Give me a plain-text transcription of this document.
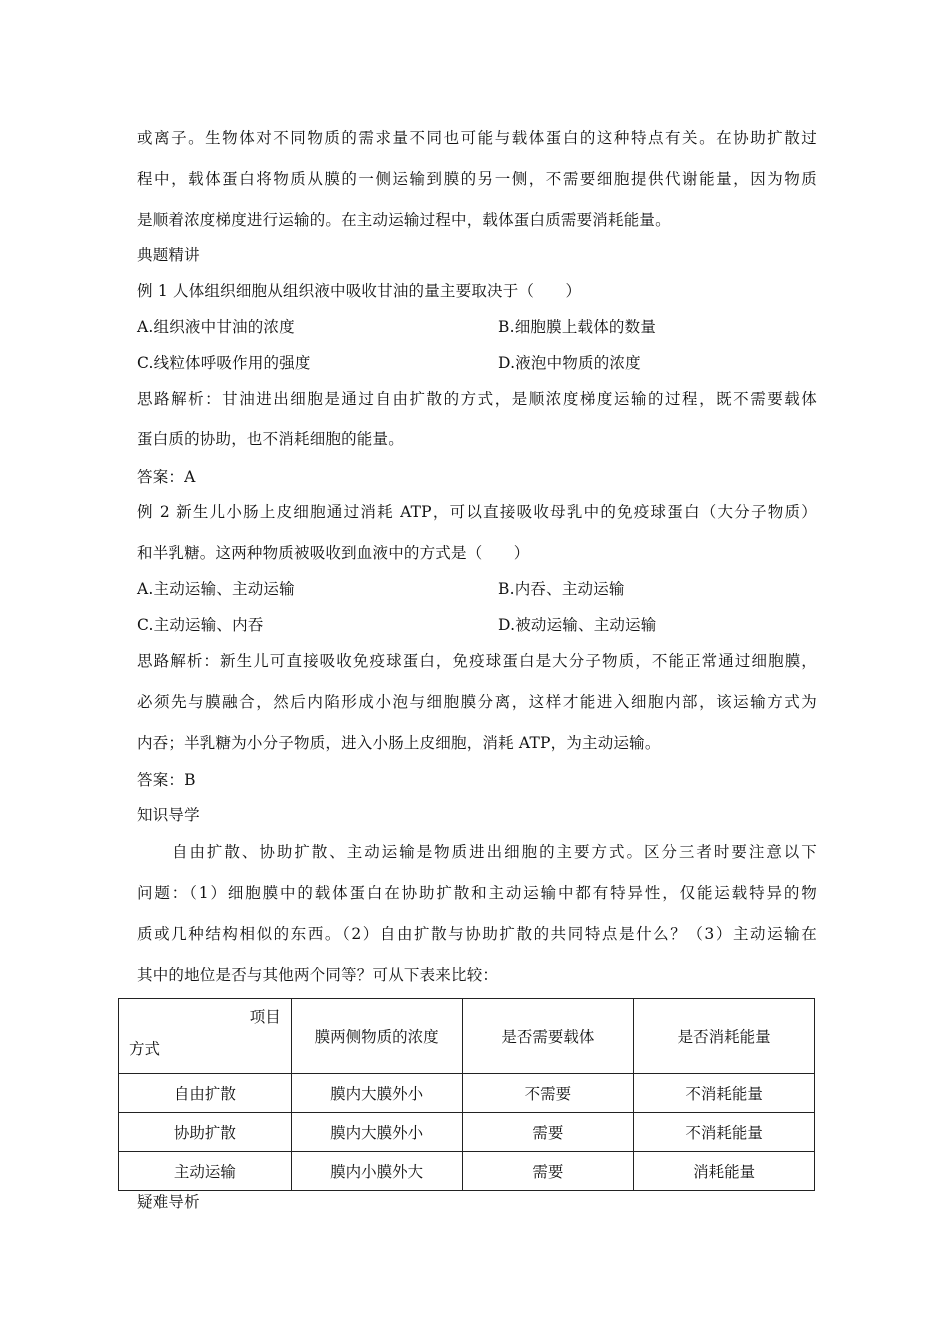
或离子。生物体对不同物质的需求量不同也可能与载体蛋白的这种特点有关。在协助扩散过
程中，载体蛋白将物质从膜的一侧运输到膜的另一侧，不需要细胞提供代谢能量，因为物质
是顺着浓度梯度进行运输的。在主动运输过程中，载体蛋白质需要消耗能量。
典题精讲
例 1 人体组织细胞从组织液中吸收甘油的量主要取决于（　　）
A.组织液中甘油的浓度	B.细胞膜上载体的数量
C.线粒体呼吸作用的强度	D.液泡中物质的浓度
思路解析：甘油进出细胞是通过自由扩散的方式，是顺浓度梯度运输的过程，既不需要载体
蛋白质的协助，也不消耗细胞的能量。
答案：A
例 2 新生儿小肠上皮细胞通过消耗 ATP，可以直接吸收母乳中的免疫球蛋白（大分子物质）
和半乳糖。这两种物质被吸收到血液中的方式是（　　）
A.主动运输、主动运输	B.内吞、主动运输
C.主动运输、内吞	D.被动运输、主动运输
思路解析：新生儿可直接吸收免疫球蛋白，免疫球蛋白是大分子物质，不能正常通过细胞膜，
必须先与膜融合，然后内陷形成小泡与细胞膜分离，这样才能进入细胞内部，该运输方式为
内吞；半乳糖为小分子物质，进入小肠上皮细胞，消耗 ATP，为主动运输。
答案：B
知识导学
　　自由扩散、协助扩散、主动运输是物质进出细胞的主要方式。区分三者时要注意以下
问题：（1）细胞膜中的载体蛋白在协助扩散和主动运输中都有特异性，仅能运载特异的物
质或几种结构相似的东西。（2）自由扩散与协助扩散的共同特点是什么？（3）主动运输在
其中的地位是否与其他两个同等？可从下表来比较：
项目
方式	膜两侧物质的浓度	是否需要载体	是否消耗能量
自由扩散	膜内大膜外小	不需要	不消耗能量
协助扩散	膜内大膜外小	需要	不消耗能量
主动运输	膜内小膜外大	需要	消耗能量
疑难导析
